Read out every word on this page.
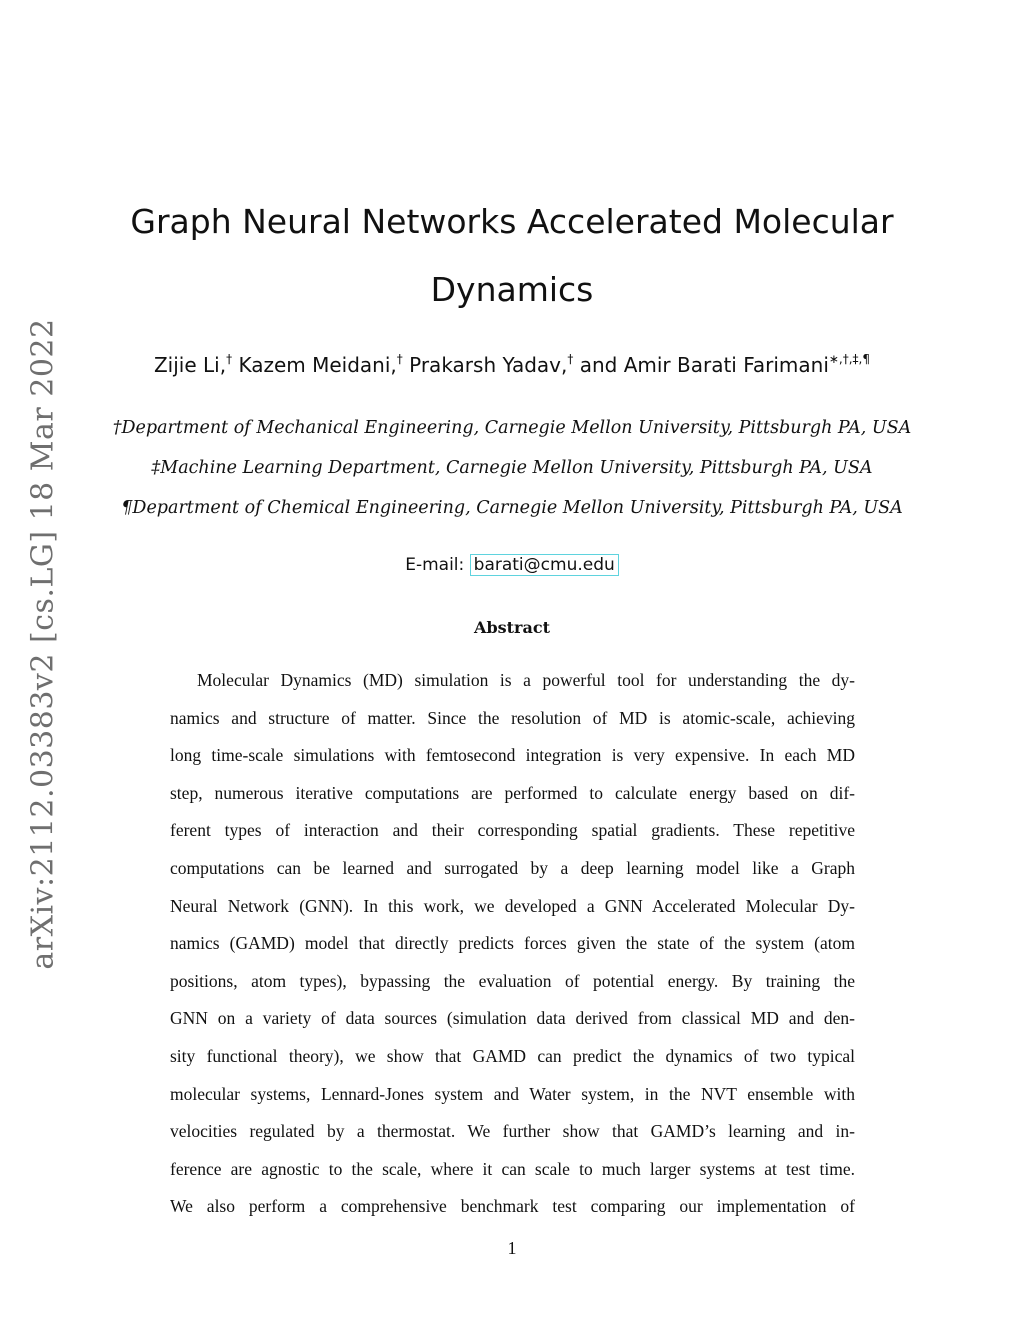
arXiv:2112.03383v2 [cs.LG] 18 Mar 2022
Graph Neural Networks Accelerated Molecular
Dynamics
Zijie Li,† Kazem Meidani,† Prakarsh Yadav,† and Amir Barati Farimani∗,†,‡,¶
†Department of Mechanical Engineering, Carnegie Mellon University, Pittsburgh PA, USA
‡Machine Learning Department, Carnegie Mellon University, Pittsburgh PA, USA
¶Department of Chemical Engineering, Carnegie Mellon University, Pittsburgh PA, USA
E-mail: barati@cmu.edu
Abstract
Molecular Dynamics (MD) simulation is a powerful tool for understanding the dy-
namics and structure of matter. Since the resolution of MD is atomic-scale, achieving
long time-scale simulations with femtosecond integration is very expensive. In each MD
step, numerous iterative computations are performed to calculate energy based on dif-
ferent types of interaction and their corresponding spatial gradients. These repetitive
computations can be learned and surrogated by a deep learning model like a Graph
Neural Network (GNN). In this work, we developed a GNN Accelerated Molecular Dy-
namics (GAMD) model that directly predicts forces given the state of the system (atom
positions, atom types), bypassing the evaluation of potential energy. By training the
GNN on a variety of data sources (simulation data derived from classical MD and den-
sity functional theory), we show that GAMD can predict the dynamics of two typical
molecular systems, Lennard-Jones system and Water system, in the NVT ensemble with
velocities regulated by a thermostat. We further show that GAMD’s learning and in-
ference are agnostic to the scale, where it can scale to much larger systems at test time.
We also perform a comprehensive benchmark test comparing our implementation of
1
